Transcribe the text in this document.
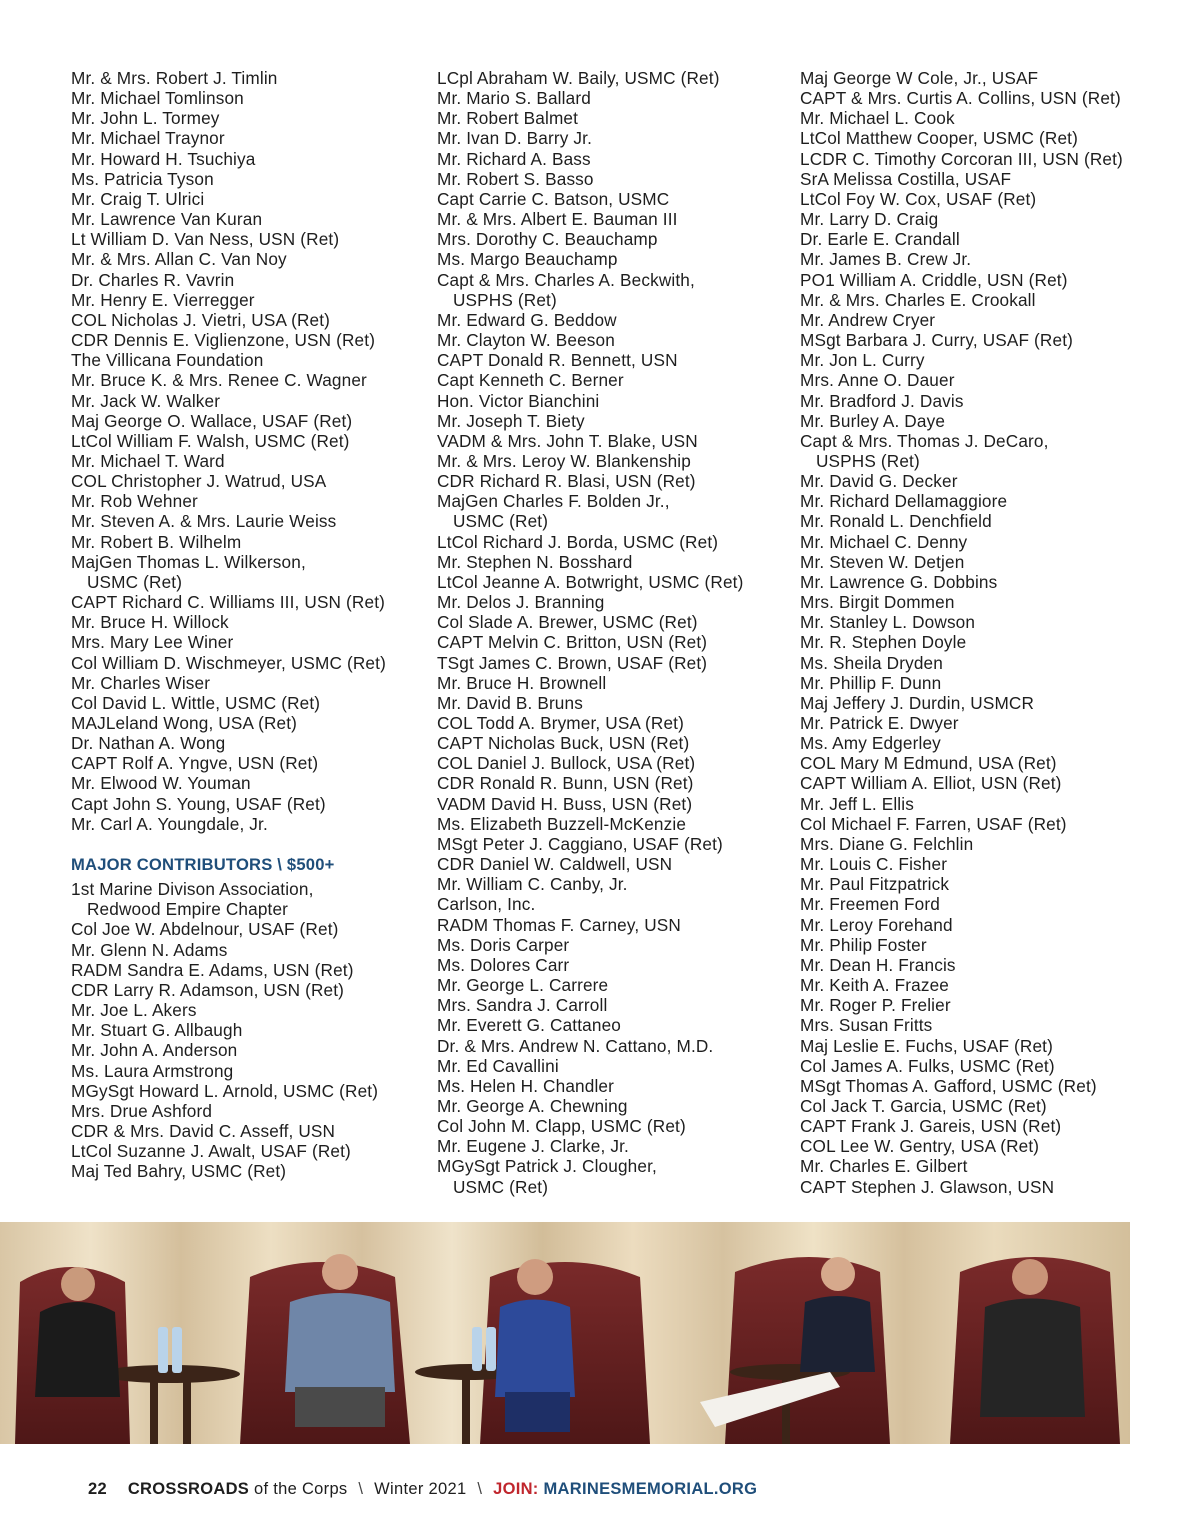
Mr. & Mrs. Robert J. Timlin
Mr. Michael Tomlinson
Mr. John L. Tormey
Mr. Michael Traynor
Mr. Howard H. Tsuchiya
Ms. Patricia Tyson
Mr. Craig T. Ulrici
Mr. Lawrence Van Kuran
Lt William D. Van Ness, USN (Ret)
Mr. & Mrs. Allan C. Van Noy
Dr. Charles R. Vavrin
Mr. Henry E. Vierregger
COL Nicholas J. Vietri, USA (Ret)
CDR Dennis E. Viglienzone, USN (Ret)
The Villicana Foundation
Mr. Bruce K. & Mrs. Renee C. Wagner
Mr. Jack W. Walker
Maj George O. Wallace, USAF (Ret)
LtCol William F. Walsh, USMC (Ret)
Mr. Michael T. Ward
COL Christopher J. Watrud, USA
Mr. Rob Wehner
Mr. Steven A. & Mrs. Laurie Weiss
Mr. Robert B. Wilhelm
MajGen Thomas L. Wilkerson,
USMC (Ret)
CAPT Richard C. Williams III, USN (Ret)
Mr. Bruce H. Willock
Mrs. Mary Lee Winer
Col William D. Wischmeyer, USMC (Ret)
Mr. Charles Wiser
Col David L. Wittle, USMC (Ret)
MAJLeland Wong, USA (Ret)
Dr. Nathan A. Wong
CAPT Rolf A. Yngve, USN (Ret)
Mr. Elwood W. Youman
Capt John S. Young, USAF (Ret)
Mr. Carl A. Youngdale, Jr.
MAJOR CONTRIBUTORS \ $500+
1st Marine Divison Association,
Redwood Empire Chapter
Col Joe W. Abdelnour, USAF (Ret)
Mr. Glenn N. Adams
RADM Sandra E. Adams, USN (Ret)
CDR Larry R. Adamson, USN (Ret)
Mr. Joe L. Akers
Mr. Stuart G. Allbaugh
Mr. John A. Anderson
Ms. Laura Armstrong
MGySgt Howard L. Arnold, USMC (Ret)
Mrs. Drue Ashford
CDR & Mrs. David C. Asseff, USN
LtCol Suzanne J. Awalt, USAF (Ret)
Maj Ted Bahry, USMC (Ret)
LCpl Abraham W. Baily, USMC (Ret)
Mr. Mario S. Ballard
Mr. Robert Balmet
Mr. Ivan D. Barry Jr.
Mr. Richard A. Bass
Mr. Robert S. Basso
Capt Carrie C. Batson, USMC
Mr. & Mrs. Albert E. Bauman III
Mrs. Dorothy C. Beauchamp
Ms. Margo Beauchamp
Capt & Mrs. Charles A. Beckwith,
USPHS (Ret)
Mr. Edward G. Beddow
Mr. Clayton W. Beeson
CAPT Donald R. Bennett, USN
Capt Kenneth C. Berner
Hon. Victor Bianchini
Mr. Joseph T. Biety
VADM & Mrs. John T. Blake, USN
Mr. & Mrs. Leroy W. Blankenship
CDR Richard R. Blasi, USN (Ret)
MajGen Charles F. Bolden Jr.,
USMC (Ret)
LtCol Richard J. Borda, USMC (Ret)
Mr. Stephen N. Bosshard
LtCol Jeanne A. Botwright, USMC (Ret)
Mr. Delos J. Branning
Col Slade A. Brewer, USMC (Ret)
CAPT Melvin C. Britton, USN (Ret)
TSgt James C. Brown, USAF (Ret)
Mr. Bruce H. Brownell
Mr. David B. Bruns
COL Todd A. Brymer, USA (Ret)
CAPT Nicholas Buck, USN (Ret)
COL Daniel J. Bullock, USA (Ret)
CDR Ronald R. Bunn, USN (Ret)
VADM David H. Buss, USN (Ret)
Ms. Elizabeth Buzzell-McKenzie
MSgt Peter J. Caggiano, USAF (Ret)
CDR Daniel W. Caldwell, USN
Mr. William C. Canby, Jr.
Carlson, Inc.
RADM Thomas F. Carney, USN
Ms. Doris Carper
Ms. Dolores Carr
Mr. George L. Carrere
Mrs. Sandra J. Carroll
Mr. Everett G. Cattaneo
Dr. & Mrs. Andrew N. Cattano, M.D.
Mr. Ed Cavallini
Ms. Helen H. Chandler
Mr. George A. Chewning
Col John M. Clapp, USMC (Ret)
Mr. Eugene J. Clarke, Jr.
MGySgt Patrick J. Clougher,
USMC (Ret)
Maj George W Cole, Jr., USAF
CAPT & Mrs. Curtis A. Collins, USN (Ret)
Mr. Michael L. Cook
LtCol Matthew Cooper, USMC (Ret)
LCDR C. Timothy Corcoran III, USN (Ret)
SrA Melissa Costilla, USAF
LtCol Foy W. Cox, USAF (Ret)
Mr. Larry D. Craig
Dr. Earle E. Crandall
Mr. James B. Crew Jr.
PO1 William A. Criddle, USN (Ret)
Mr. & Mrs. Charles E. Crookall
Mr. Andrew Cryer
MSgt Barbara J. Curry, USAF (Ret)
Mr. Jon L. Curry
Mrs. Anne O. Dauer
Mr. Bradford J. Davis
Mr. Burley A. Daye
Capt & Mrs. Thomas J. DeCaro,
USPHS (Ret)
Mr. David G. Decker
Mr. Richard Dellamaggiore
Mr. Ronald L. Denchfield
Mr. Michael C. Denny
Mr. Steven W. Detjen
Mr. Lawrence G. Dobbins
Mrs. Birgit Dommen
Mr. Stanley L. Dowson
Mr. R. Stephen Doyle
Ms. Sheila Dryden
Mr. Phillip F. Dunn
Maj Jeffery J. Durdin, USMCR
Mr. Patrick E. Dwyer
Ms. Amy Edgerley
COL Mary M Edmund, USA (Ret)
CAPT William A. Elliot, USN (Ret)
Mr. Jeff L. Ellis
Col Michael F. Farren, USAF (Ret)
Mrs. Diane G. Felchlin
Mr. Louis C. Fisher
Mr. Paul Fitzpatrick
Mr. Freemen Ford
Mr. Leroy Forehand
Mr. Philip Foster
Mr. Dean H. Francis
Mr. Keith A. Frazee
Mr. Roger P. Frelier
Mrs. Susan Fritts
Maj Leslie E. Fuchs, USAF (Ret)
Col James A. Fulks, USMC (Ret)
MSgt Thomas A. Gafford, USMC (Ret)
Col Jack T. Garcia, USMC (Ret)
CAPT Frank J. Gareis, USN (Ret)
COL Lee W. Gentry, USA (Ret)
Mr. Charles E. Gilbert
CAPT Stephen J. Glawson, USN
22 CROSSROADS of the Corps \ Winter 2021 \ JOIN: MARINESMEMORIAL.ORG
